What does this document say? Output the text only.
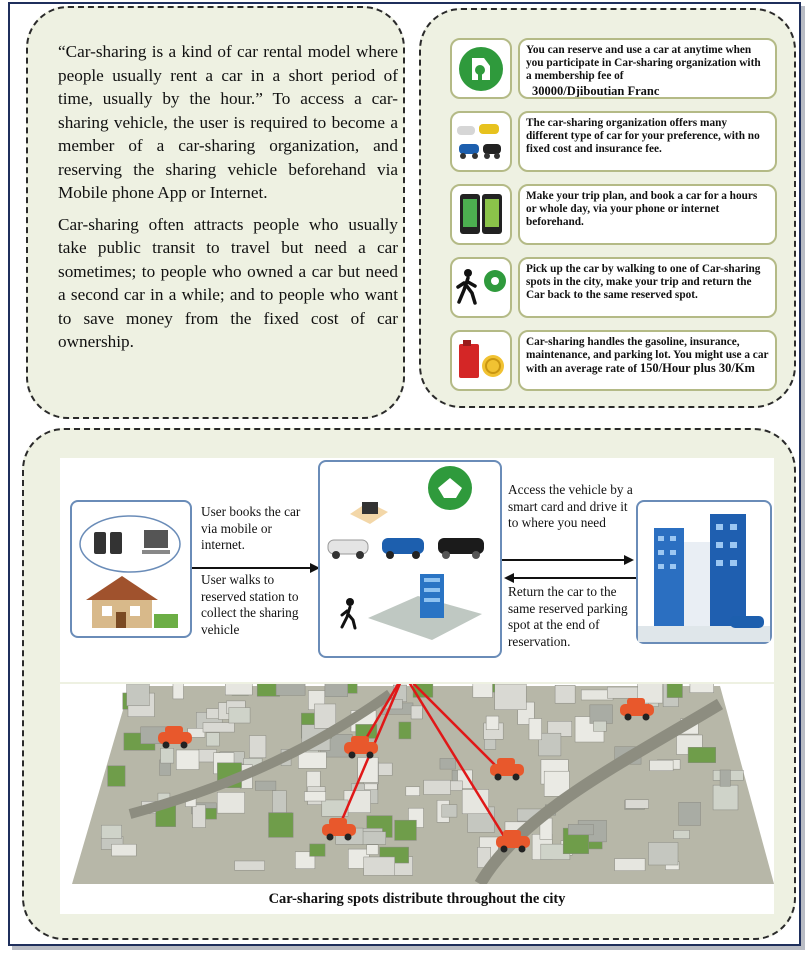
“Car-sharing is a kind of car rental model where people usually rent a car in a short period of time, usually by the hour.” To access a car-sharing vehicle, the user is required to become a member of a car-sharing organization, and reserving the sharing vehicle beforehand via Mobile phone App or Internet.

Car-sharing often attracts people who usually take public transit to travel but need a car sometimes; to people who owned a car but need a second car in a while; and to people who want to save money from the fixed cost of car ownership.

You can reserve and use a car at anytime when you participate in Car-sharing organization with a membership fee of
30000/Djiboutian Franc
The car-sharing organization offers many different type of car for your preference, with no fixed cost and insurance fee.
Make your trip plan, and book a car for a hours or whole day, via your phone or internet beforehand.
Pick up the car by walking to one of Car-sharing spots in the city, make your trip and return the Car back to the same reserved spot.
Car-sharing handles the gasoline, insurance, maintenance, and parking lot. You might use a car with an average rate of 150/Hour plus 30/Km
User books the car via mobile or internet.
User walks to reserved station to collect the sharing vehicle
Access the vehicle by a smart card and drive it to where you need
Return the car to the same reserved parking spot at the end of reservation.
Car-sharing spots distribute throughout the city
